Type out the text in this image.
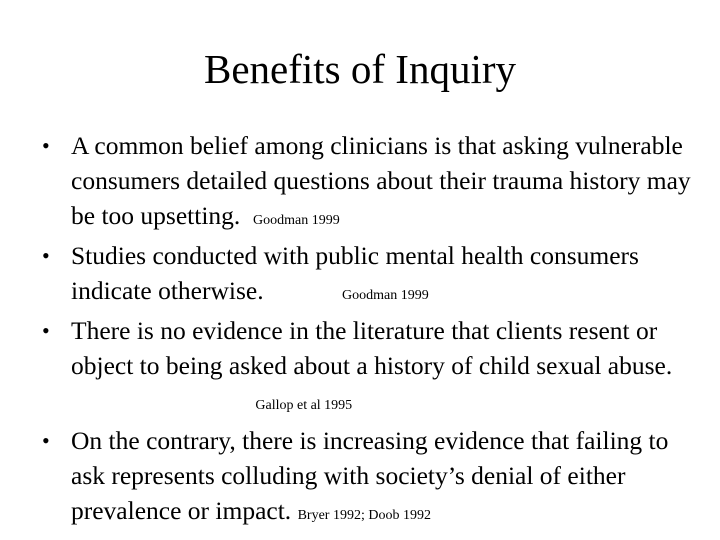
Benefits of Inquiry
• A common belief among clinicians is that asking vulnerable consumers detailed questions about their trauma history may be too upsetting. Goodman 1999
• Studies conducted with public mental health consumers indicate otherwise.	Goodman 1999
• There is no evidence in the literature that clients resent or object to being asked about a history of child sexual abuse. Gallop et al 1995
• On the contrary, there is increasing evidence that failing to ask represents colluding with society’s denial of either prevalence or impact. Bryer 1992; Doob 1992
